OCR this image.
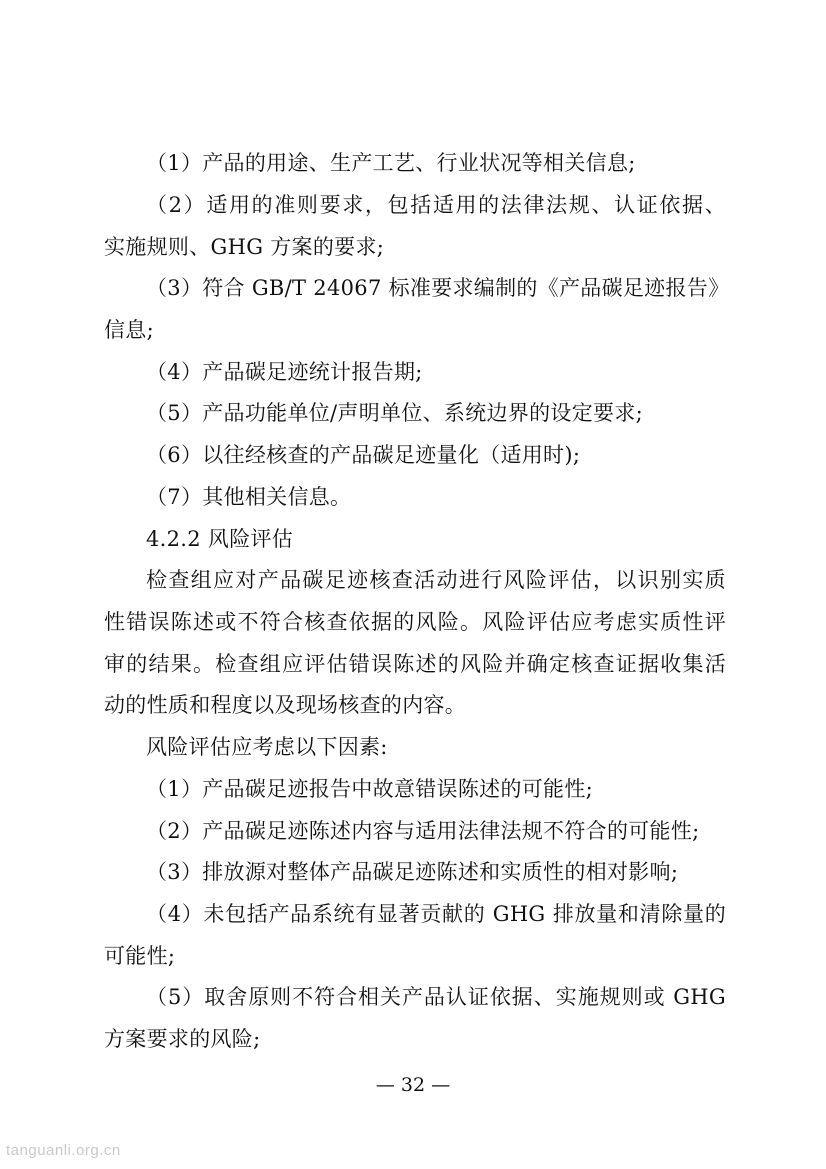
（1）产品的用途、生产工艺、行业状况等相关信息;
（2）适用的准则要求，包括适用的法律法规、认证依据、
实施规则、GHG 方案的要求;
（3）符合 GB/T 24067 标准要求编制的《产品碳足迹报告》
信息;
（4）产品碳足迹统计报告期;
（5）产品功能单位/声明单位、系统边界的设定要求;
（6）以往经核查的产品碳足迹量化（适用时);
（7）其他相关信息。
4.2.2 风险评估
检查组应对产品碳足迹核查活动进行风险评估，以识别实质
性错误陈述或不符合核查依据的风险。风险评估应考虑实质性评
审的结果。检查组应评估错误陈述的风险并确定核查证据收集活
动的性质和程度以及现场核查的内容。
风险评估应考虑以下因素:
（1）产品碳足迹报告中故意错误陈述的可能性;
（2）产品碳足迹陈述内容与适用法律法规不符合的可能性;
（3）排放源对整体产品碳足迹陈述和实质性的相对影响;
（4）未包括产品系统有显著贡献的 GHG 排放量和清除量的
可能性;
（5）取舍原则不符合相关产品认证依据、实施规则或 GHG
方案要求的风险;
— 32 —
tanguanli.org.cn
